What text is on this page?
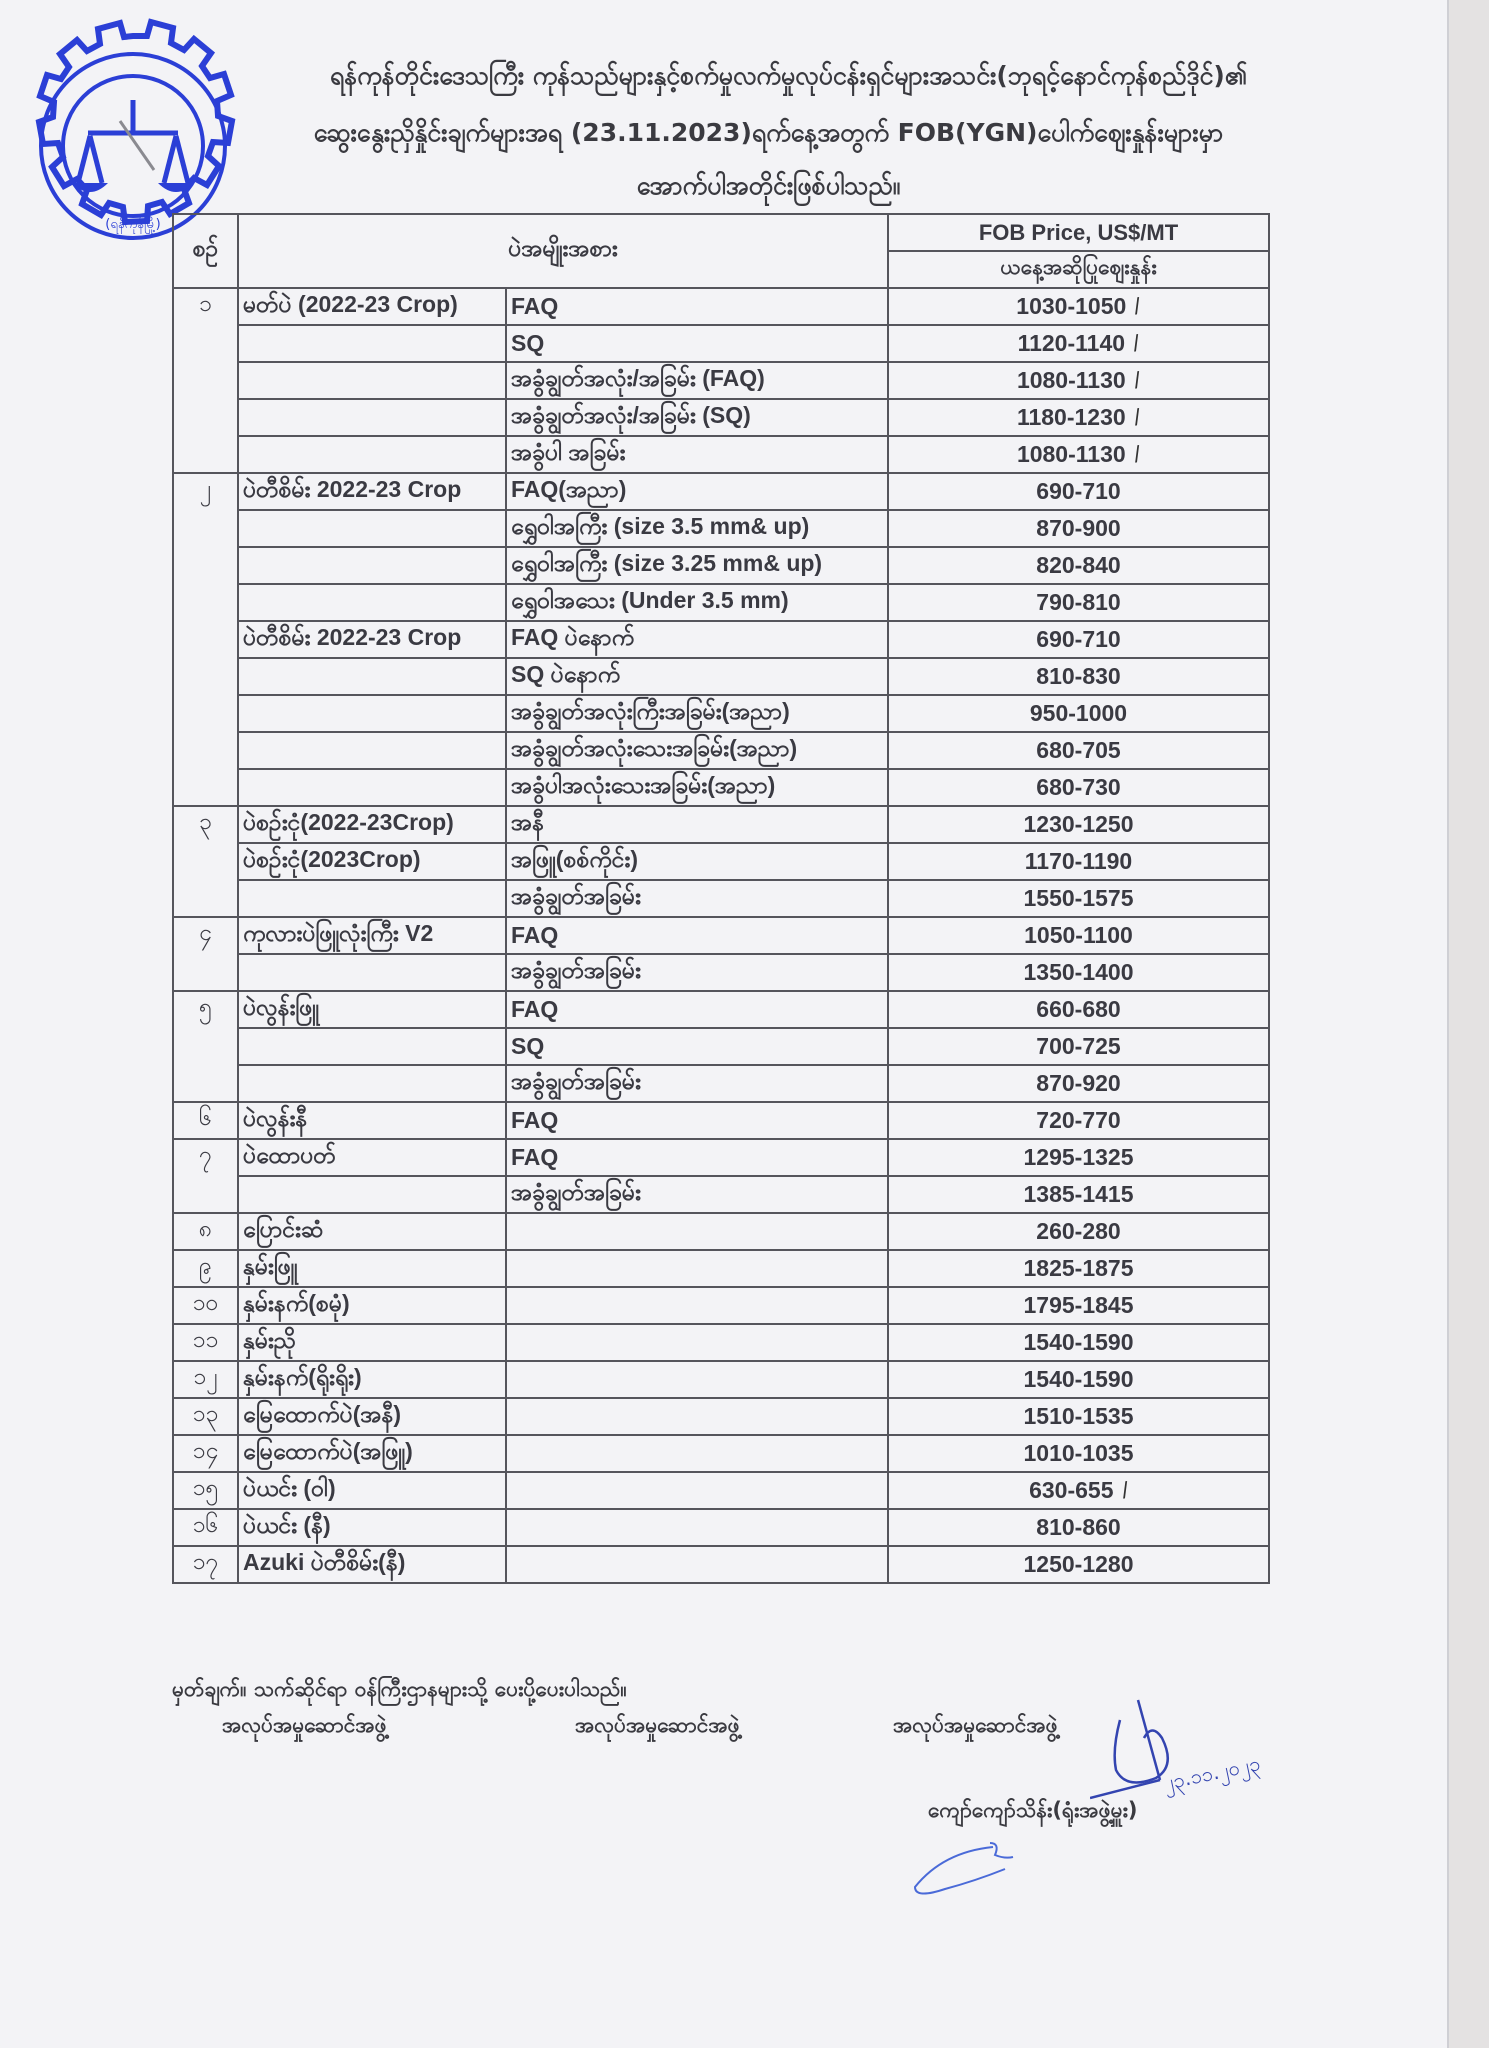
(ရန်ကုန်မြို့)
ရန်ကုန်တိုင်းဒေသကြီး ကုန်သည်များနှင့်စက်မှုလက်မှုလုပ်ငန်းရှင်များအသင်း(ဘုရင့်နောင်ကုန်စည်ဒိုင်)၏
ဆွေးနွေးညှိနှိုင်းချက်များအရ (23.11.2023)ရက်နေ့အတွက် FOB(YGN)ပေါက်ဈေးနှုန်းများမှာ
အောက်ပါအတိုင်းဖြစ်ပါသည်။
စဉ်	ပဲအမျိုးအစား		FOB Price, US$/MT
			ယနေ့အဆိုပြုဈေးနှုန်း
၁	မတ်ပဲ (2022-23 Crop)	FAQ	1030-1050 /
		SQ	1120-1140 /
		အခွံချွတ်အလုံး/အခြမ်း (FAQ)	1080-1130 /
		အခွံချွတ်အလုံး/အခြမ်း (SQ)	1180-1230 /
		အခွံပါ အခြမ်း	1080-1130 /
၂	ပဲတီစိမ်း 2022-23 Crop	FAQ(အညာ)	690-710
		ရွှေဝါအကြီး (size 3.5 mm& up)	870-900
		ရွှေဝါအကြီး (size 3.25 mm& up)	820-840
		ရွှေဝါအသေး (Under 3.5 mm)	790-810
	ပဲတီစိမ်း 2022-23 Crop	FAQ ပဲနောက်	690-710
		SQ ပဲနောက်	810-830
		အခွံချွတ်အလုံးကြီးအခြမ်း(အညာ)	950-1000
		အခွံချွတ်အလုံးသေးအခြမ်း(အညာ)	680-705
		အခွံပါအလုံးသေးအခြမ်း(အညာ)	680-730
၃	ပဲစဉ်းငုံ(2022-23Crop)	အနီ	1230-1250
	ပဲစဉ်းငုံ(2023Crop)	အဖြူ(စစ်ကိုင်း)	1170-1190
		အခွံချွတ်အခြမ်း	1550-1575
၄	ကုလားပဲဖြူလုံးကြီး V2	FAQ	1050-1100
		အခွံချွတ်အခြမ်း	1350-1400
၅	ပဲလွန်းဖြူ	FAQ	660-680
		SQ	700-725
		အခွံချွတ်အခြမ်း	870-920
၆	ပဲလွန်းနီ	FAQ	720-770
၇	ပဲထောပတ်	FAQ	1295-1325
		အခွံချွတ်အခြမ်း	1385-1415
၈	ပြောင်းဆံ		260-280
၉	နှမ်းဖြူ		1825-1875
၁၀	နှမ်းနက်(စမုံ)		1795-1845
၁၁	နှမ်းညို		1540-1590
၁၂	နှမ်းနက်(ရိုးရိုး)		1540-1590
၁၃	မြေထောက်ပဲ(အနီ)		1510-1535
၁၄	မြေထောက်ပဲ(အဖြူ)		1010-1035
၁၅	ပဲယင်း (ဝါ)		630-655 /
၁၆	ပဲယင်း (နီ)		810-860
၁၇	Azuki ပဲတီစိမ်း(နီ)		1250-1280
မှတ်ချက်။ သက်ဆိုင်ရာ ဝန်ကြီးဌာနများသို့ ပေးပို့ပေးပါသည်။
အလုပ်အမှုဆောင်အဖွဲ့	အလုပ်အမှုဆောင်အဖွဲ့	အလုပ်အမှုဆောင်အဖွဲ့
ကျော်ကျော်သိန်း(ရုံးအဖွဲ့မှူး)
၂၃.၁၁.၂၀၂၃
